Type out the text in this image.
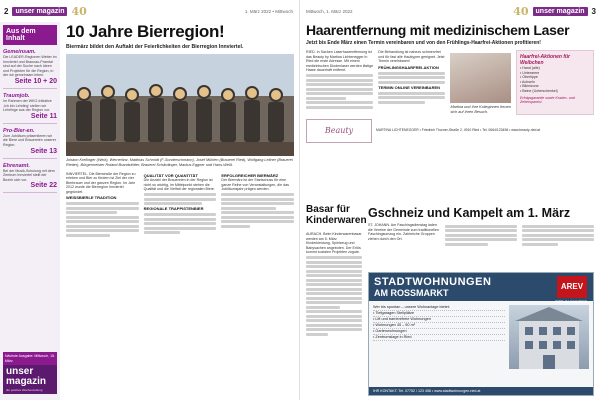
2	unser magazin 40	1. März 2022 • Mittwoch
Aus dem Inhalt
Gemeinsam.
Die LEADER-Regionen Wetter im Innviertel und Braunau-Pramtal sind auf der Suche nach Ideen und Projekten für die Region, in der wir gemeinsam leben.
Seite 10 + 20
Traumjob.
Im Rahmen der WKO-Initiative ,Ich bin Lehrling' stellen wir Lehrlinge aus der Region vor.
Seite 11
Pro-Bier-en.
Zum Jubiläum präsentieren wir die Biere und Brauereien unserer Region.
Seite 13
Ehrenamt.
Bei der Musik-Schulung mit dem Zentrum Innviertel stellt der Bezirk sich vor.
Seite 22
Nächste Ausgabe: Mittwoch, 15. März
unser
magazin
die positive Wochenzeitung
10 Jahre Bierregion!
Biermärz bildet den Auftakt der Feierlichkeiten der Bierregion Innviertel.
Johann Kreilinger (Weiz), Wernerlinz, Matthias Schmidt (F-Sonderschmann), Josef Mühlen (Brauerei Ried), Wolfgang Leitner (Brauerei Rieder), Bürgermeister Roland Brandstötter, Brauerei Schärdinger, Markus Eggner und Hans-Weiß.
INNVIERTEL. Die Bierstraße der Region zu erleben und Bier zu fördern ist Ziel der vier Bierbrauer und der ganzen Region. Im Jahr 2012 wurde die Bierregion Innviertel gegründet.
WEISSBIERLE TRADITION
QUALITÄT VOR QUANTITÄT
Die Anzahl der Brauereien in der Region ist nicht so wichtig, im Mittelpunkt stehen die Qualität und die Vielfalt der regionalen Biere.
REGIONALE TRAPPISTENBIER
ERFOLGREICHER BIERMÄRZ
Der Biermärz ist der Startschuss für eine ganze Reihe von Veranstaltungen, die das Jubiläumsjahr prägen werden.
Mittwoch, 1. März 2022	40	unser magazin 3
Haarentfernung mit medizinischem Laser
Jetzt bis Ende März einen Termin vereinbaren und von den Frühlings-Haarfrei-Aktionen profitieren!
RIED. In Sachen Laserhaarentfernung ist das Beauty by Martina Lichtenegger in Ried die erste Adresse. Mit einem medizinischen Diodenlaser werden lästige Haare dauerhaft entfernt.
Die Behandlung ist nahezu schmerzfrei und für fast alle Hauttypen geeignet. Jetzt Termin vereinbaren!
FRÜHLINGSHAARFREI-AKTION
TERMIN ONLINE VEREINBAREN
Martina und Ihre Kolleginnen freuen sich auf Ihren Besuch.
Haarfrei-Aktionen für Weibchen
• Hand (alle)
• Unterarme
• Oberlippe
• Achseln
• Bikinizone
• Beine (Unterschenkel)
Erfolgsgarantie sowie Kosten- und Zeitersparnis!
Beauty	MARTINA LICHTENEGGER • Friedrich Thurner-Straße 2, 4910 Ried • Tel. 0664/123456 • www.beauty-ried.at
Basar für Kinderwaren
AURACH. Beim Kinderwarenbasar werden am 5. März Kinderkleidung, Spielzeug und Babysachen angeboten. Der Erlös kommt sozialen Projekten zugute.
Gschneiz und Kampelt am 1. März
ST. JOHANN. Am Faschingsdienstag laden die Vereine der Gemeinde zum traditionellen Faschingsumzug ein. Zahlreiche Gruppen ziehen durch den Ort.
STADTWOHNUNGEN
AM ROSSMARKT
AREV
RIED IM INNKREIS
Wer bis spontan – unsere Wohnanlage bietet:
• Tiefgaragen Stellplätze
• Lift und barrierefreie Wohnungen
• Wohnungen 45 – 90 m²
• Gartenwohnungen
• Zentrumslage in Ried
IHR KONTAKT: Tel. 07752 / 123 456 • www.stadtwohnungen-ried.at
